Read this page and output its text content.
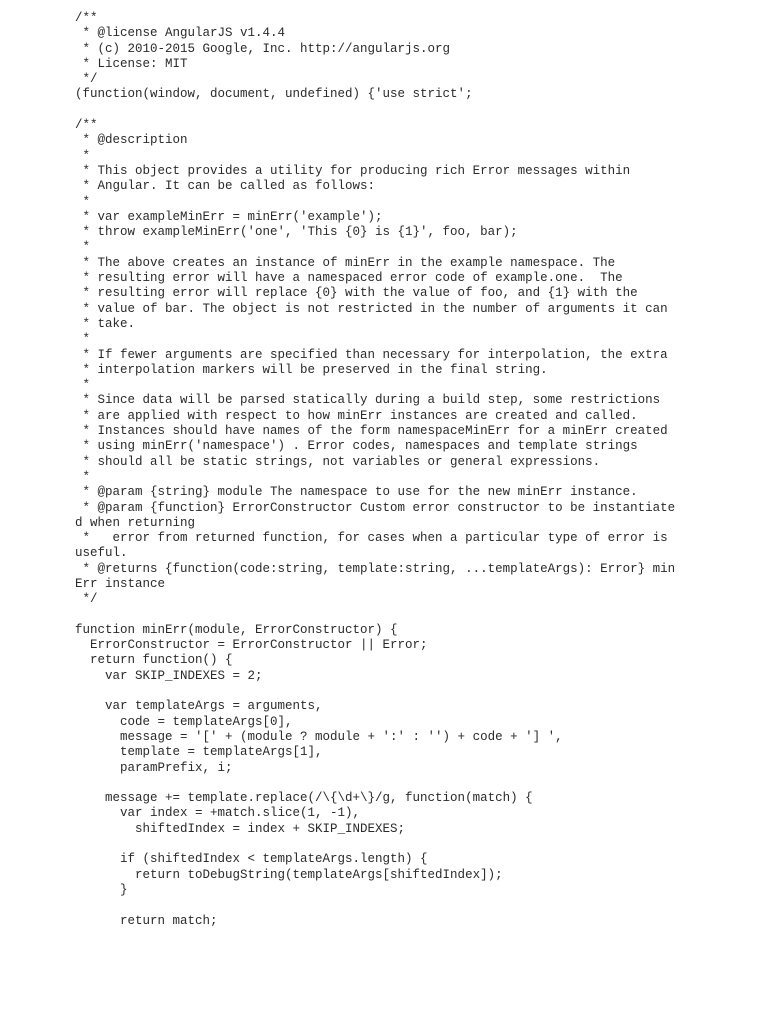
/**
* @license AngularJS v1.4.4
* (c) 2010-2015 Google, Inc. http://angularjs.org
* License: MIT
*/
(function(window, document, undefined) {'use strict';

/**
* @description
*
* This object provides a utility for producing rich Error messages within
* Angular. It can be called as follows:
*
* var exampleMinErr = minErr('example');
* throw exampleMinErr('one', 'This {0} is {1}', foo, bar);
*
* The above creates an instance of minErr in the example namespace. The
* resulting error will have a namespaced error code of example.one.  The
* resulting error will replace {0} with the value of foo, and {1} with the
* value of bar. The object is not restricted in the number of arguments it can
* take.
*
* If fewer arguments are specified than necessary for interpolation, the extra
* interpolation markers will be preserved in the final string.
*
* Since data will be parsed statically during a build step, some restrictions
* are applied with respect to how minErr instances are created and called.
* Instances should have names of the form namespaceMinErr for a minErr created
* using minErr('namespace') . Error codes, namespaces and template strings
* should all be static strings, not variables or general expressions.
*
* @param {string} module The namespace to use for the new minErr instance.
* @param {function} ErrorConstructor Custom error constructor to be instantiate
d when returning
*   error from returned function, for cases when a particular type of error is
useful.
* @returns {function(code:string, template:string, ...templateArgs): Error} min
Err instance
*/

function minErr(module, ErrorConstructor) {
ErrorConstructor = ErrorConstructor || Error;
return function() {
var SKIP_INDEXES = 2;

var templateArgs = arguments,
code = templateArgs[0],
message = '[' + (module ? module + ':' : '') + code + '] ',
template = templateArgs[1],
paramPrefix, i;

message += template.replace(/\{\d+\}/g, function(match) {
var index = +match.slice(1, -1),
shiftedIndex = index + SKIP_INDEXES;

if (shiftedIndex < templateArgs.length) {
return toDebugString(templateArgs[shiftedIndex]);
}

return match;
